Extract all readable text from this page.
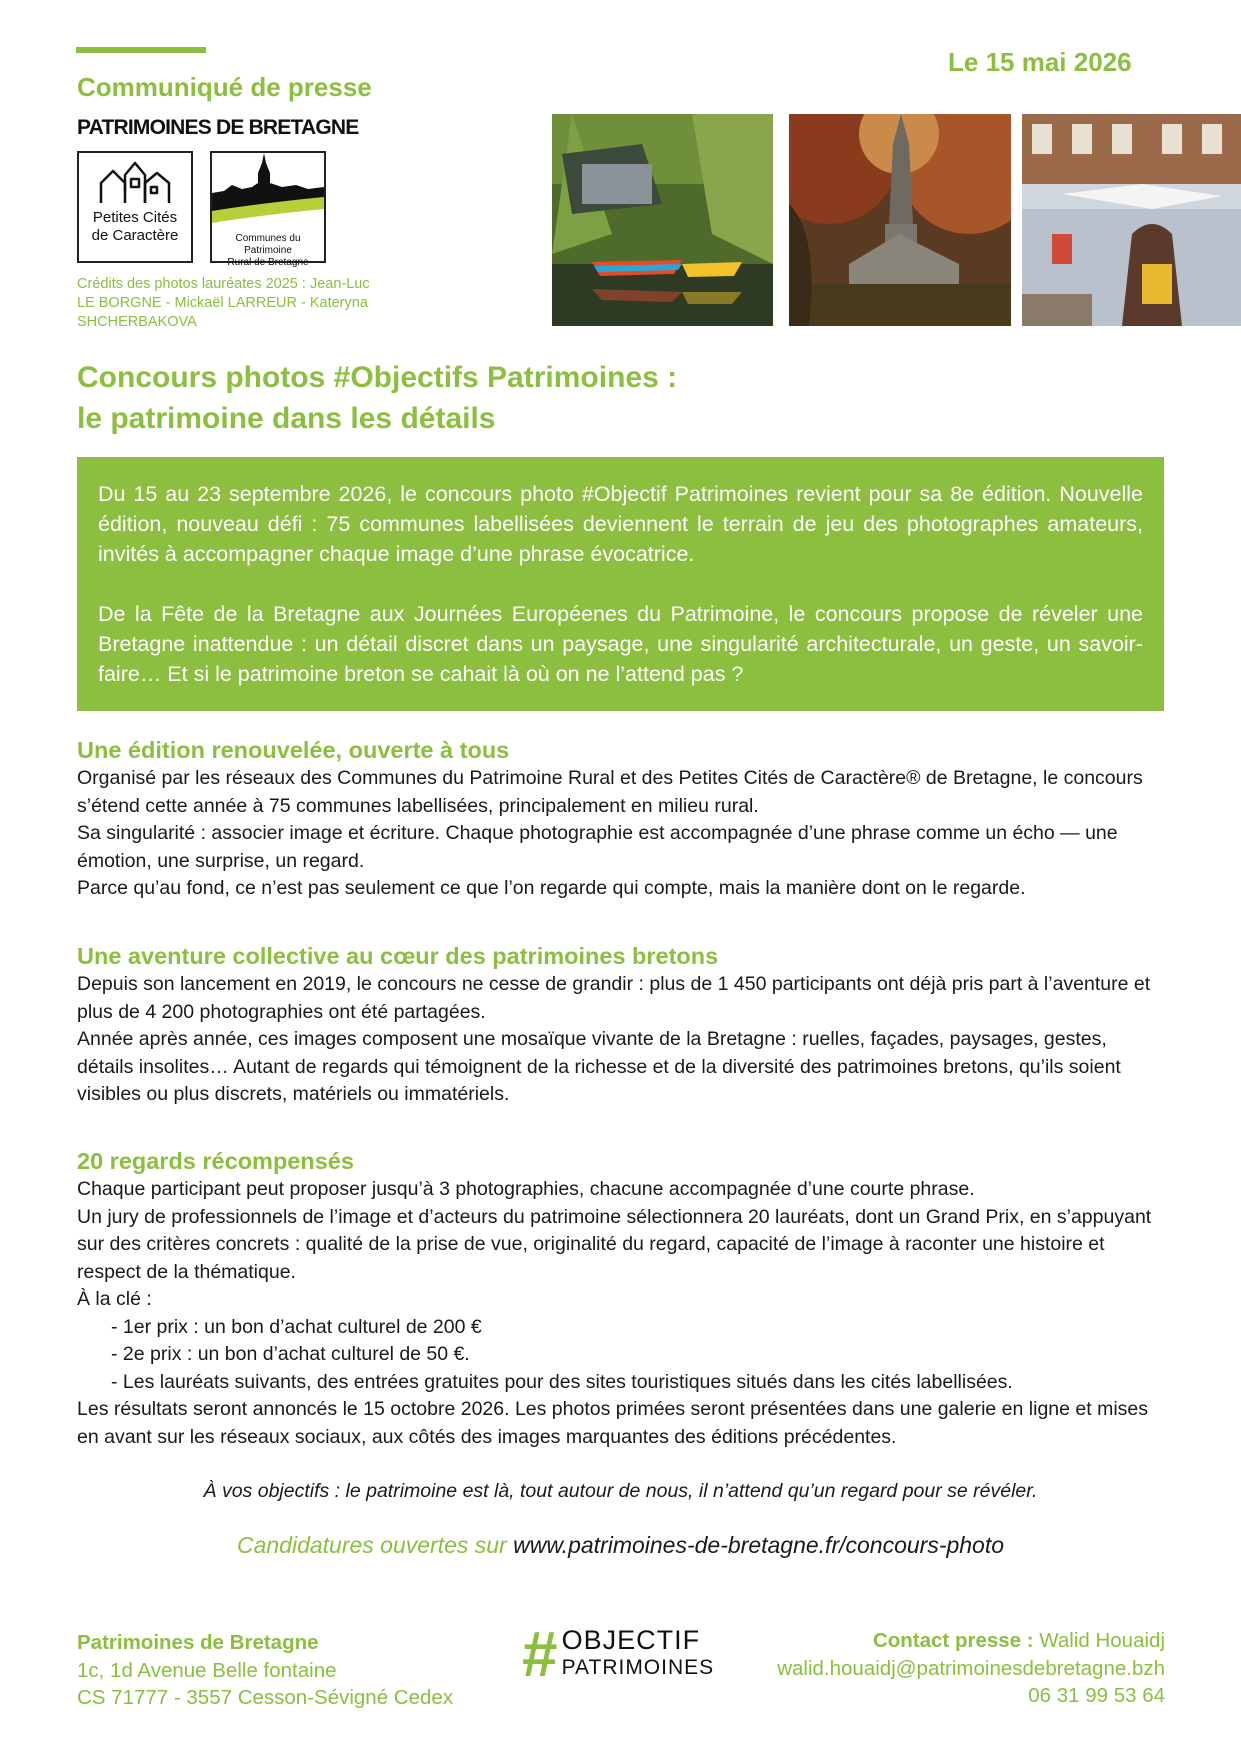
Communiqué de presse
Le 15 mai 2026
PATRIMOINES DE BRETAGNE
Petites Cités
de Caractère	Communes du Patrimoine
Rural de Bretagne
Crédits des photos lauréates 2025 : Jean-Luc LE BORGNE - Mickaël LARREUR - Kateryna SHCHERBAKOVA
Concours photos #Objectifs Patrimoines :
le patrimoine dans les détails

Du 15 au 23 septembre 2026, le concours photo #Objectif Patrimoines revient pour sa 8e édition. Nouvelle édition, nouveau défi : 75 communes labellisées deviennent le terrain de jeu des photographes amateurs, invités à accompagner chaque image d’une phrase évocatrice.

De la Fête de la Bretagne aux Journées Européenes du Patrimoine, le concours propose de réveler une Bretagne inattendue : un détail discret dans un paysage, une singularité architecturale, un geste, un savoir-faire… Et si le patrimoine breton se cahait là où on ne l’attend pas ?

Une édition renouvelée, ouverte à tous
Organisé par les réseaux des Communes du Patrimoine Rural et des Petites Cités de Caractère® de Bretagne, le concours s’étend cette année à 75 communes labellisées, principalement en milieu rural.
Sa singularité : associer image et écriture. Chaque photographie est accompagnée d’une phrase comme un écho — une émotion, une surprise, un regard.
Parce qu’au fond, ce n’est pas seulement ce que l’on regarde qui compte, mais la manière dont on le regarde.
Une aventure collective au cœur des patrimoines bretons
Depuis son lancement en 2019, le concours ne cesse de grandir : plus de 1 450 participants ont déjà pris part à l’aventure et plus de 4 200 photographies ont été partagées.
Année après année, ces images composent une mosaïque vivante de la Bretagne : ruelles, façades, paysages, gestes, détails insolites… Autant de regards qui témoignent de la richesse et de la diversité des patrimoines bretons, qu’ils soient visibles ou plus discrets, matériels ou immatériels.
20 regards récompensés
Chaque participant peut proposer jusqu’à 3 photographies, chacune accompagnée d’une courte phrase.
Un jury de professionnels de l’image et d’acteurs du patrimoine sélectionnera 20 lauréats, dont un Grand Prix, en s’appuyant sur des critères concrets : qualité de la prise de vue, originalité du regard, capacité de l’image à raconter une histoire et respect de la thématique.
À la clé :
- 1er prix : un bon d’achat culturel de 200 €
- 2e prix : un bon d’achat culturel de 50 €.
- Les lauréats suivants, des entrées gratuites pour des sites touristiques situés dans les cités labellisées.
Les résultats seront annoncés le 15 octobre 2026. Les photos primées seront présentées dans une galerie en ligne et mises en avant sur les réseaux sociaux, aux côtés des images marquantes des éditions précédentes.
À vos objectifs : le patrimoine est là, tout autour de nous, il n’attend qu’un regard pour se révéler.
Candidatures ouvertes sur www.patrimoines-de-bretagne.fr/concours-photo
Patrimoines de Bretagne
1c, 1d Avenue Belle fontaine
CS 71777 - 3557 Cesson-Sévigné Cedex
# OBJECTIF
PATRIMOINES
Contact presse : Walid Houaidj
walid.houaidj@patrimoinesdebretagne.bzh
06 31 99 53 64
